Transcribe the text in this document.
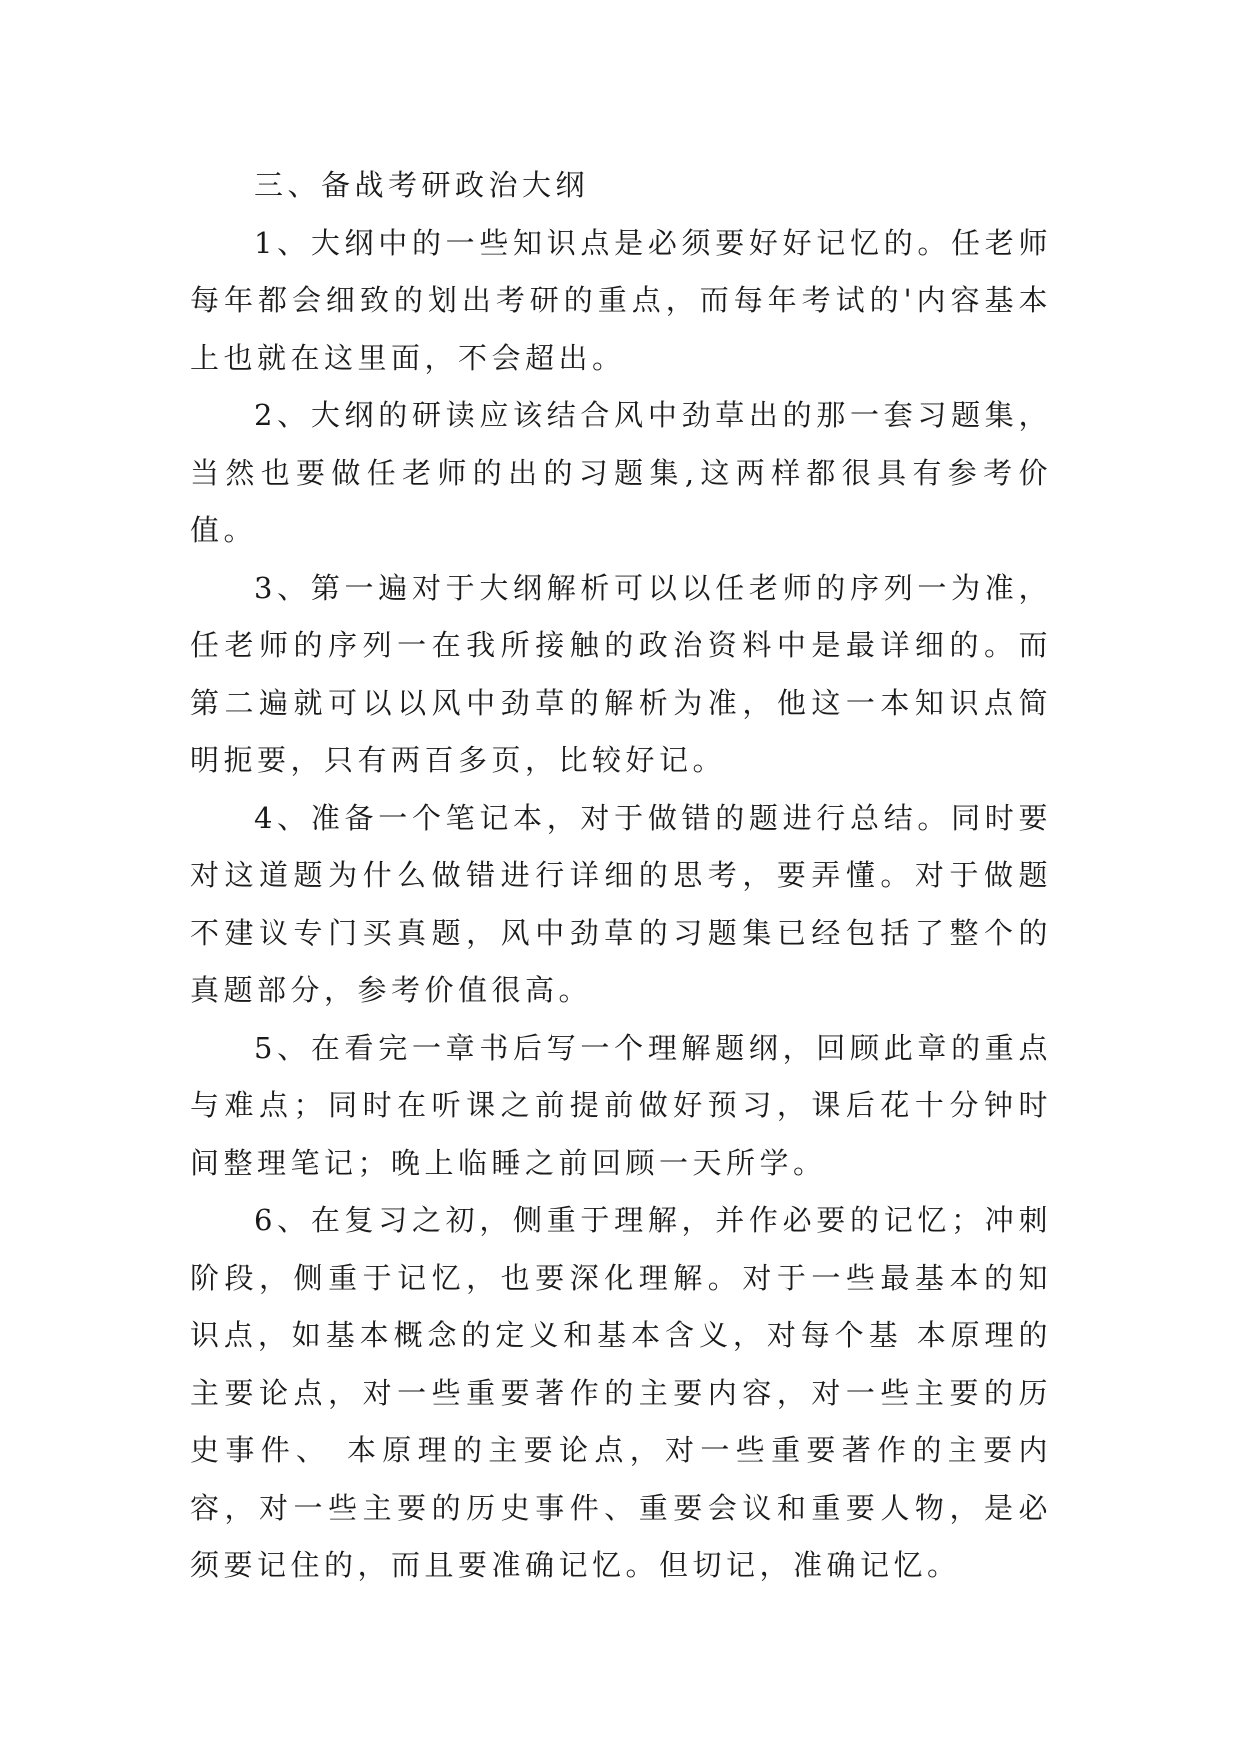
三、备战考研政治大纲

1、大纲中的一些知识点是必须要好好记忆的。任老师每年都会细致的划出考研的重点，而每年考试的'内容基本上也就在这里面，不会超出。

2、大纲的研读应该结合风中劲草出的那一套习题集，当然也要做任老师的出的习题集,这两样都很具有参考价值。

3、第一遍对于大纲解析可以以任老师的序列一为准，任老师的序列一在我所接触的政治资料中是最详细的。而第二遍就可以以风中劲草的解析为准，他这一本知识点简明扼要，只有两百多页，比较好记。

4、准备一个笔记本，对于做错的题进行总结。同时要对这道题为什么做错进行详细的思考，要弄懂。对于做题不建议专门买真题，风中劲草的习题集已经包括了整个的真题部分，参考价值很高。

5、在看完一章书后写一个理解题纲，回顾此章的重点与难点；同时在听课之前提前做好预习，课后花十分钟时间整理笔记；晚上临睡之前回顾一天所学。

6、在复习之初，侧重于理解，并作必要的记忆；冲刺阶段，侧重于记忆，也要深化理解。对于一些最基本的知识点，如基本概念的定义和基本含义，对每个基 本原理的主要论点，对一些重要著作的主要内容，对一些主要的历史事件、 本原理的主要论点，对一些重要著作的主要内容，对一些主要的历史事件、重要会议和重要人物，是必须要记住的，而且要准确记忆。但切记，准确记忆。
